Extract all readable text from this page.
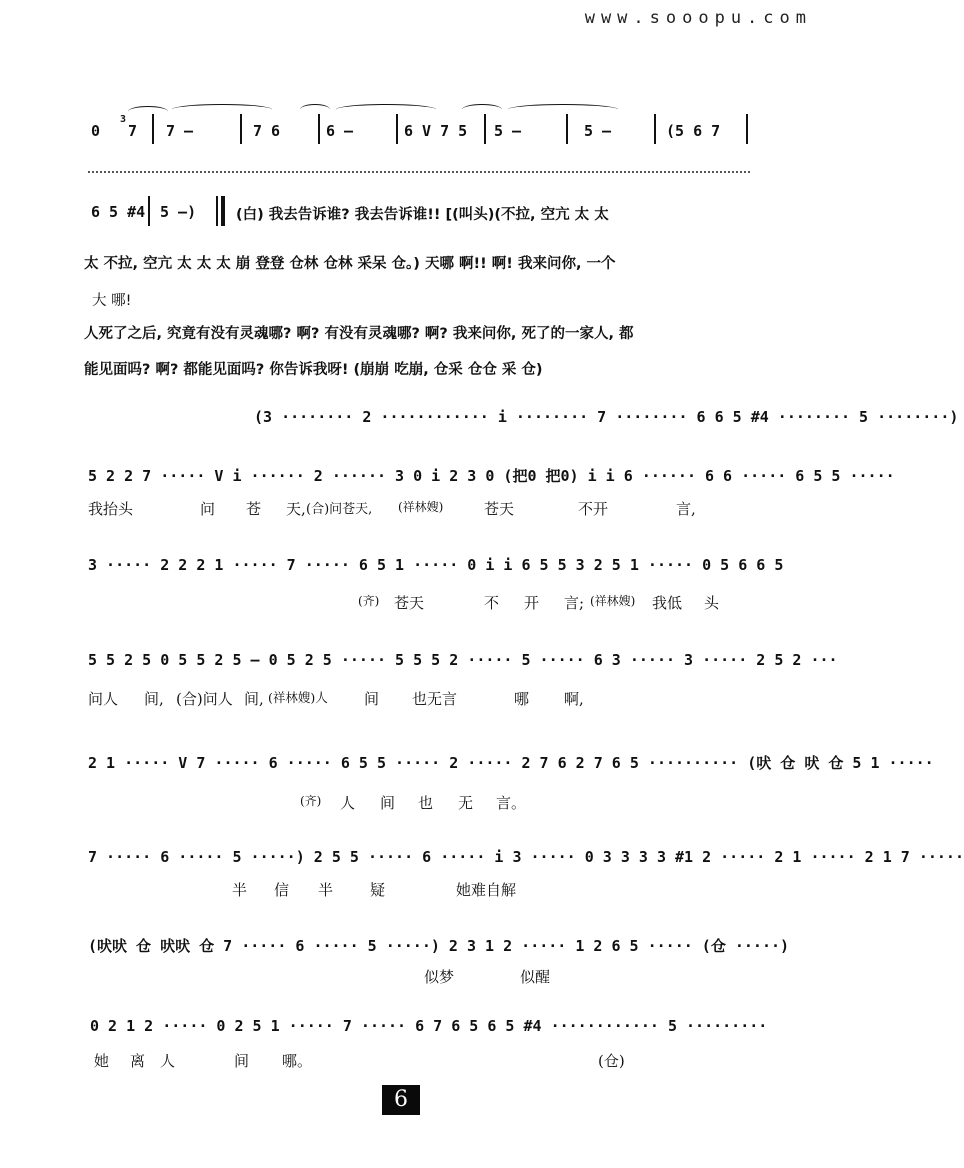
www.sooopu.com
0
3
7 7 —	7 6	6 —	6 V 7 5 5 —	5 —	(5 6 7
6 5 #4 5 —)	(白) 我去告诉谁? 我去告诉谁!! [(叫头)(不拉, 空亢 太 太
太 不拉, 空亢 太 太 太 崩 登登 仓林 仓林 采呆 仓。) 天哪 啊!! 啊! 我来问你, 一个
大 哪!
人死了之后, 究竟有没有灵魂哪? 啊? 有没有灵魂哪? 啊? 我来问你, 死了的一家人, 都
能见面吗? 啊? 都能见面吗? 你告诉我呀! (崩崩 吃崩, 仓采 仓仓 采 仓)
(3 ········ 2 ············ i ········ 7 ········ 6 6 5 #4 ········ 5 ········)
5 2 2 7 ····· V i ······ 2 ······ 3 0 i 2 3 0 (把0 把0) i i 6 ······ 6 6 ····· 6 5 5 ·····
我抬头	问 苍 天, (合)问苍天, (祥林嫂)	苍天	不开	言,
3 ····· 2 2 2 1 ····· 7 ····· 6 5 1 ····· 0 i i 6 5 5 3 2 5 1 ····· 0 5 6 6 5
(齐) 苍天	不 开 言; (祥林嫂) 我低 头
5 5 2 5 0 5 5 2 5 — 0 5 2 5 ····· 5 5 5 2 ····· 5 ····· 6 3 ····· 3 ····· 2 5 2 ···
问人 间, (合)问人 间, (祥林嫂)人 间 也无言	哪 啊,
2 1 ····· V 7 ····· 6 ····· 6 5 5 ····· 2 ····· 2 7 6 2 7 6 5 ·········· (吠 仓 吠 仓 5 1 ·····
(齐) 人 间 也 无 言。
7 ····· 6 ····· 5 ·····) 2 5 5 ····· 6 ····· i 3 ····· 0 3 3 3 3 #1 2 ····· 2 1 ····· 2 1 7 ·····
半 信 半 疑	她难自解
(吠吠 仓 吠吠 仓 7 ····· 6 ····· 5 ·····) 2 3 1 2 ····· 1 2 6 5 ····· (仓 ·····)
似梦	似醒
0 2 1 2 ····· 0 2 5 1 ····· 7 ····· 6 7 6 5 6 5 #4 ············ 5 ·········
她 离 人	间 哪。	(仓)
6
